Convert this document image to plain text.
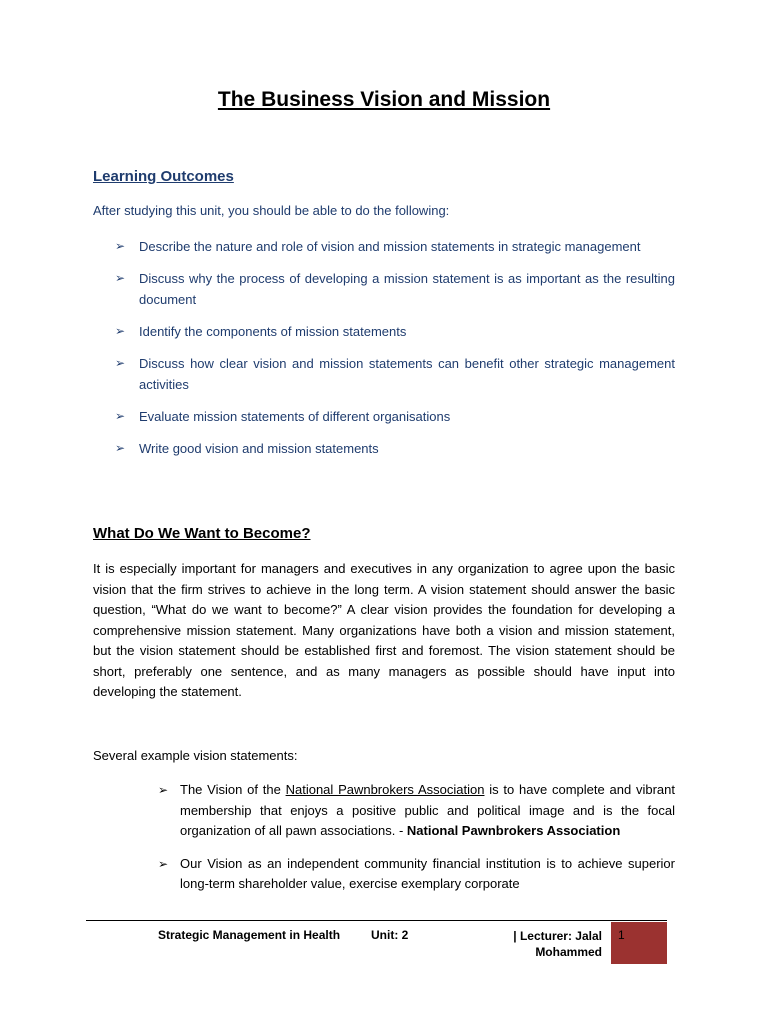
The Business Vision and Mission
Learning Outcomes
After studying this unit, you should be able to do the following:
➢ Describe the nature and role of vision and mission statements in strategic management
➢ Discuss why the process of developing a mission statement is as important as the resulting document
➢ Identify the components of mission statements
➢ Discuss how clear vision and mission statements can benefit other strategic management activities
➢ Evaluate mission statements of different organisations
➢ Write good vision and mission statements
What Do We Want to Become?

It is especially important for managers and executives in any organization to agree upon the basic vision that the firm strives to achieve in the long term. A vision statement should answer the basic question, “What do we want to become?” A clear vision provides the foundation for developing a comprehensive mission statement. Many organizations have both a vision and mission statement, but the vision statement should be established first and foremost. The vision statement should be short, preferably one sentence, and as many managers as possible should have input into developing the statement.

Several example vision statements:
➢ The Vision of the National Pawnbrokers Association is to have complete and vibrant membership that enjoys a positive public and political image and is the focal organization of all pawn associations. - National Pawnbrokers Association
➢ Our Vision as an independent community financial institution is to achieve superior long-term shareholder value, exercise exemplary corporate
Strategic Management in Health	Unit: 2	| Lecturer: Jalal Mohammed
1
